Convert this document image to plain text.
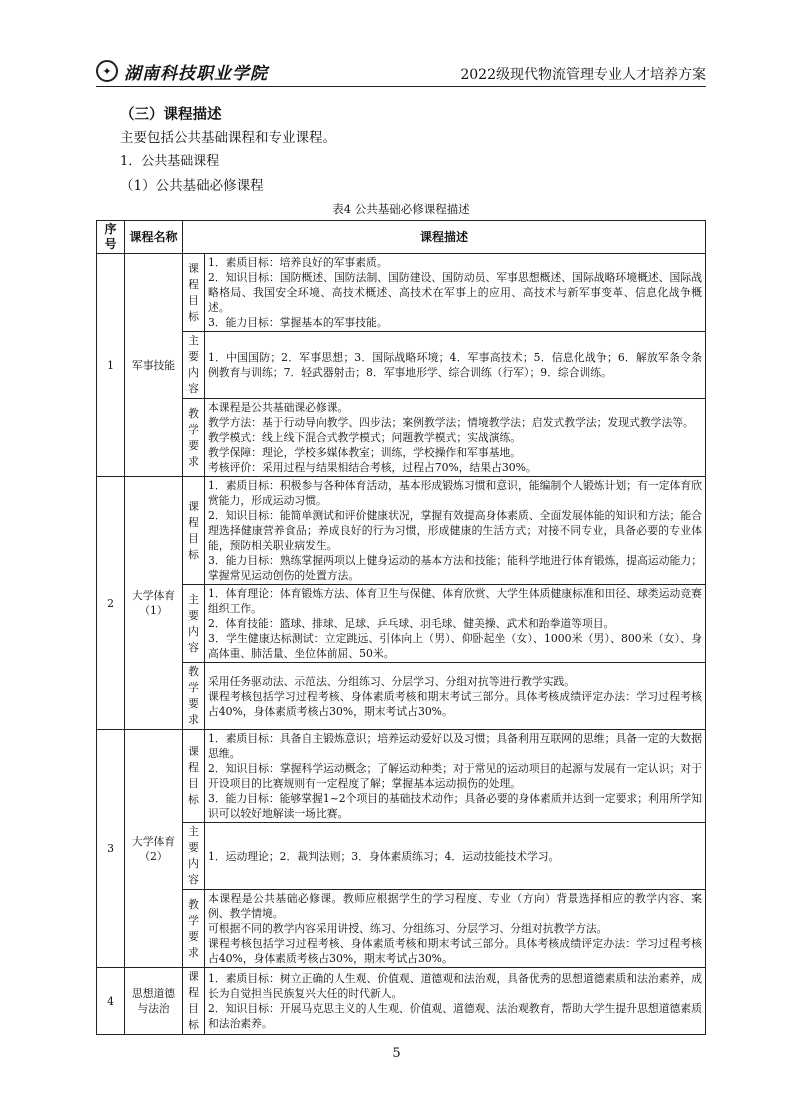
✦ 湖南科技职业学院	2022级现代物流管理专业人才培养方案
（三）课程描述
主要包括公共基础课程和专业课程。
1．公共基础课程
（1）公共基础必修课程
表4 公共基础必修课程描述
序号	课程名称	课程描述	
1	军事技能	课程目标	1．素质目标：培养良好的军事素质。
2．知识目标：国防概述、国防法制、国防建设、国防动员、军事思想概述、国际战略环境概述、国际战略格局、我国安全环境、高技术概述、高技术在军事上的应用、高技术与新军事变革、信息化战争概述。
3．能力目标：掌握基本的军事技能。

		主要内容	1．中国国防；2．军事思想；3．国际战略环境；4．军事高技术；5．信息化战争；6．解放军条令条例教育与训练；7．轻武器射击；8．军事地形学、综合训练（行军）；9．综合训练。

		教学要求	本课程是公共基础课必修课。
教学方法：基于行动导向教学、四步法；案例教学法；情境教学法；启发式教学法；发现式教学法等。
教学模式：线上线下混合式教学模式；问题教学模式；实战演练。
教学保障：理论，学校多媒体教室；训练，学校操作和军事基地。
考核评价：采用过程与结果相结合考核，过程占70%，结果占30%。

2	大学体育（1）	课程目标	1．素质目标：积极参与各种体育活动，基本形成锻炼习惯和意识，能编制个人锻炼计划；有一定体育欣赏能力，形成运动习惯。
2．知识目标：能简单测试和评价健康状况，掌握有效提高身体素质、全面发展体能的知识和方法；能合理选择健康营养食品；养成良好的行为习惯，形成健康的生活方式；对接不同专业，具备必要的专业体能，预防相关职业病发生。
3．能力目标：熟练掌握两项以上健身运动的基本方法和技能；能科学地进行体育锻炼，提高运动能力；掌握常见运动创伤的处置方法。

		主要内容	1．体育理论：体育锻炼方法、体育卫生与保健、体育欣赏、大学生体质健康标准和田径、球类运动竞赛组织工作。
2．体育技能：篮球、排球、足球、乒乓球、羽毛球、健美操、武术和跆拳道等项目。
3．学生健康达标测试：立定跳远、引体向上（男）、仰卧起坐（女）、1000米（男）、800米（女）、身高体重、肺活量、坐位体前屈、50米。

		教学要求	采用任务驱动法、示范法、分组练习、分层学习、分组对抗等进行教学实践。
课程考核包括学习过程考核、身体素质考核和期末考试三部分。具体考核成绩评定办法：学习过程考核占40%，身体素质考核占30%，期末考试占30%。

3	大学体育（2）	课程目标	1．素质目标：具备自主锻炼意识；培养运动爱好以及习惯；具备利用互联网的思维；具备一定的大数据思维。
2．知识目标：掌握科学运动概念；了解运动种类；对于常见的运动项目的起源与发展有一定认识；对于开设项目的比赛规则有一定程度了解；掌握基本运动损伤的处理。
3．能力目标：能够掌握1~2个项目的基础技术动作；具备必要的身体素质并达到一定要求；利用所学知识可以较好地解读一场比赛。

		主要内容	1．运动理论；2．裁判法则；3．身体素质练习；4．运动技能技术学习。

		教学要求	本课程是公共基础必修课。教师应根据学生的学习程度、专业（方向）背景选择相应的教学内容、案例、教学情境。
可根据不同的教学内容采用讲授、练习、分组练习、分层学习、分组对抗教学方法。
课程考核包括学习过程考核、身体素质考核和期末考试三部分。具体考核成绩评定办法：学习过程考核占40%，身体素质考核占30%，期末考试占30%。

4	思想道德与法治	课程目标	1．素质目标：树立正确的人生观、价值观、道德观和法治观，具备优秀的思想道德素质和法治素养，成长为自觉担当民族复兴大任的时代新人。
2．知识目标：开展马克思主义的人生观、价值观、道德观、法治观教育，帮助大学生提升思想道德素质和法治素养。
5
